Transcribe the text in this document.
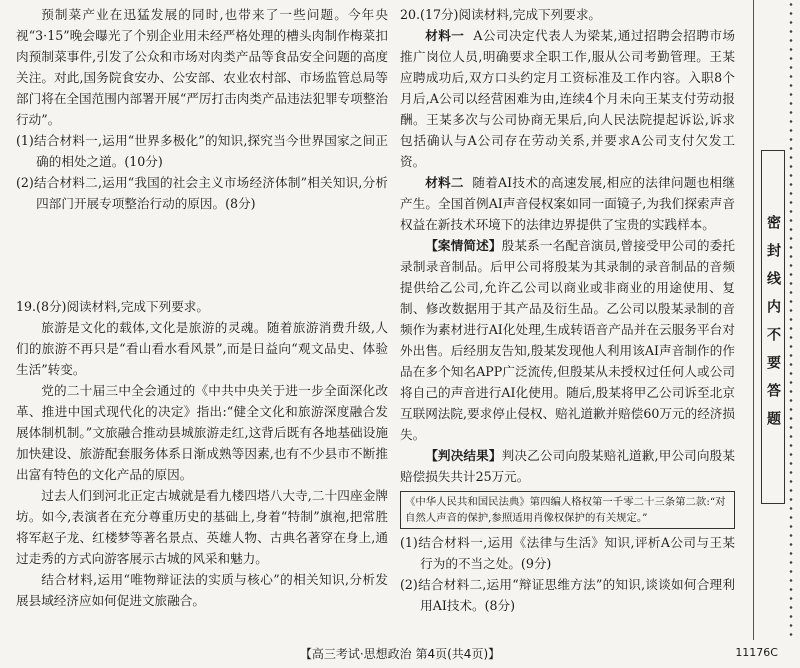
预制菜产业在迅猛发展的同时,也带来了一些问题。今年央视“3·15”晚会曝光了个别企业用未经严格处理的槽头肉制作梅菜扣肉预制菜事件,引发了公众和市场对肉类产品等食品安全问题的高度关注。对此,国务院食安办、公安部、农业农村部、市场监管总局等部门将在全国范围内部署开展“严厉打击肉类产品违法犯罪专项整治行动”。

(1)结合材料一,运用“世界多极化”的知识,探究当今世界国家之间正确的相处之道。(10分)

(2)结合材料二,运用“我国的社会主义市场经济体制”相关知识,分析四部门开展专项整治行动的原因。(8分)

19.(8分)阅读材料,完成下列要求。

旅游是文化的载体,文化是旅游的灵魂。随着旅游消费升级,人们的旅游不再只是“看山看水看风景”,而是日益向“观文品史、体验生活”转变。

党的二十届三中全会通过的《中共中央关于进一步全面深化改革、推进中国式现代化的决定》指出:“健全文化和旅游深度融合发展体制机制。”文旅融合推动县城旅游走红,这背后既有各地基础设施加快建设、旅游配套服务体系日渐成熟等因素,也有不少县市不断推出富有特色的文化产品的原因。

过去人们到河北正定古城就是看九楼四塔八大寺,二十四座金牌坊。如今,表演者在充分尊重历史的基础上,身着“特制”旗袍,把常胜将军赵子龙、红楼梦等著名景点、英雄人物、古典名著穿在身上,通过走秀的方式向游客展示古城的风采和魅力。

结合材料,运用“唯物辩证法的实质与核心”的相关知识,分析发展县域经济应如何促进文旅融合。

20.(17分)阅读材料,完成下列要求。

材料一 A公司决定代表人为梁某,通过招聘会招聘市场推广岗位人员,明确要求全职工作,服从公司考勤管理。王某应聘成功后,双方口头约定月工资标准及工作内容。入职8个月后,A公司以经营困难为由,连续4个月未向王某支付劳动报酬。王某多次与公司协商无果后,向人民法院提起诉讼,诉求包括确认与A公司存在劳动关系,并要求A公司支付欠发工资。

材料二 随着AI技术的高速发展,相应的法律问题也相继产生。全国首例AI声音侵权案如同一面镜子,为我们探索声音权益在新技术环境下的法律边界提供了宝贵的实践样本。

【案情简述】殷某系一名配音演员,曾接受甲公司的委托录制录音制品。后甲公司将殷某为其录制的录音制品的音频提供给乙公司,允许乙公司以商业或非商业的用途使用、复制、修改数据用于其产品及衍生品。乙公司以殷某录制的音频作为素材进行AI化处理,生成转语音产品并在云服务平台对外出售。后经朋友告知,殷某发现他人利用该AI声音制作的作品在多个知名APP广泛流传,但殷某从未授权过任何人或公司将自己的声音进行AI化使用。随后,殷某将甲乙公司诉至北京互联网法院,要求停止侵权、赔礼道歉并赔偿60万元的经济损失。

【判决结果】判决乙公司向殷某赔礼道歉,甲公司向殷某赔偿损失共计25万元。

《中华人民共和国民法典》第四编人格权第一千零二十三条第二款:“对自然人声音的保护,参照适用肖像权保护的有关规定。”

(1)结合材料一,运用《法律与生活》知识,评析A公司与王某行为的不当之处。(9分)

(2)结合材料二,运用“辩证思维方法”的知识,谈谈如何合理利用AI技术。(8分)

密封线内不要答题
【高三考试·思想政治 第4页(共4页)】	11176C
